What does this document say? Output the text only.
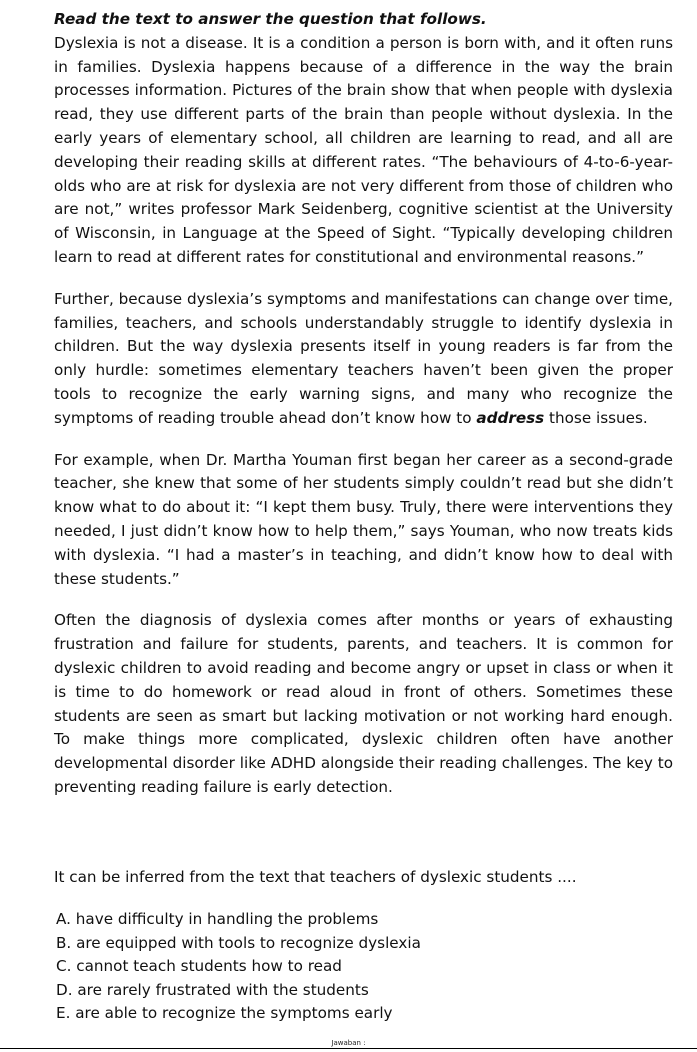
Read the text to answer the question that follows.

Dyslexia is not a disease. It is a condition a person is born with, and it often runs in families. Dyslexia happens because of a difference in the way the brain processes information. Pictures of the brain show that when people with dyslexia read, they use different parts of the brain than people without dyslexia. In the early years of elementary school, all children are learning to read, and all are developing their reading skills at different rates. “The behaviours of 4-to-6-year-olds who are at risk for dyslexia are not very different from those of children who are not,” writes professor Mark Seidenberg, cognitive scientist at the University of Wisconsin, in Language at the Speed of Sight. “Typically developing children learn to read at different rates for constitutional and environmental reasons.”

Further, because dyslexia’s symptoms and manifestations can change over time, families, teachers, and schools understandably struggle to identify dyslexia in children. But the way dyslexia presents itself in young readers is far from the only hurdle: sometimes elementary teachers haven’t been given the proper tools to recognize the early warning signs, and many who recognize the symptoms of reading trouble ahead don’t know how to address those issues.

For example, when Dr. Martha Youman first began her career as a second-grade teacher, she knew that some of her students simply couldn’t read but she didn’t know what to do about it: “I kept them busy. Truly, there were interventions they needed, I just didn’t know how to help them,” says Youman, who now treats kids with dyslexia. “I had a master’s in teaching, and didn’t know how to deal with these students.”

Often the diagnosis of dyslexia comes after months or years of exhausting frustration and failure for students, parents, and teachers. It is common for dyslexic children to avoid reading and become angry or upset in class or when it is time to do homework or read aloud in front of others. Sometimes these students are seen as smart but lacking motivation or not working hard enough. To make things more complicated, dyslexic children often have another developmental disorder like ADHD alongside their reading challenges. The key to preventing reading failure is early detection.

It can be inferred from the text that teachers of dyslexic students ....

A. have difficulty in handling the problems
B. are equipped with tools to recognize dyslexia
C. cannot teach students how to read
D. are rarely frustrated with the students
E. are able to recognize the symptoms early
Jawaban :
